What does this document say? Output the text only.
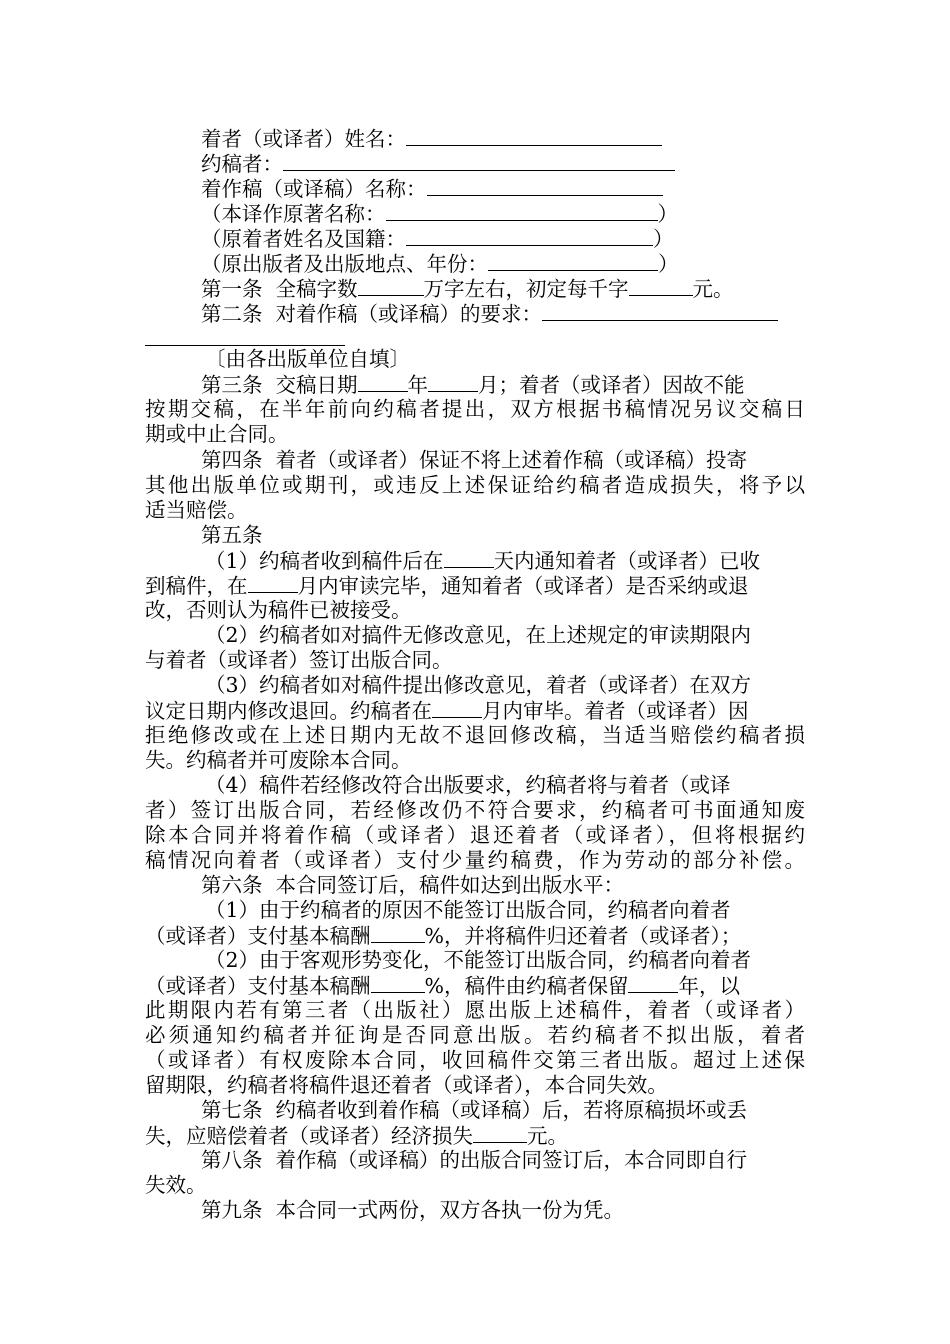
着者（或译者）姓名：
约稿者：
着作稿（或译稿）名称：
（本译作原著名称：	）
（原着者姓名及国籍：	）
（原出版者及出版地点、年份：	）
第一条  全稿字数	万字左右，初定每千字	元。
第二条  对着作稿（或译稿）的要求：
〔由各出版单位自填〕
第三条  交稿日期 年 月；着者（或译者）因故不能
按期交稿，在半年前向约稿者提出，双方根据书稿情况另议交稿日
期或中止合同。
第四条  着者（或译者）保证不将上述着作稿（或译稿）投寄
其他出版单位或期刊，或违反上述保证给约稿者造成损失，将予以
适当赔偿。
第五条
（1）约稿者收到稿件后在 天内通知着者（或译者）已收
到稿件，在 月内审读完毕，通知着者（或译者）是否采纳或退
改，否则认为稿件已被接受。
（2）约稿者如对搞件无修改意见，在上述规定的审读期限内
与着者（或译者）签订出版合同。
（3）约稿者如对稿件提出修改意见，着者（或译者）在双方
议定日期内修改退回。约稿者在 月内审毕。着者（或译者）因
拒绝修改或在上述日期内无故不退回修改稿，当适当赔偿约稿者损
失。约稿者并可废除本合同。
（4）稿件若经修改符合出版要求，约稿者将与着者（或译
者）签订出版合同，若经修改仍不符合要求，约稿者可书面通知废
除本合同并将着作稿（或译者）退还着者（或译者），但将根据约
稿情况向着者（或译者）支付少量约稿费，作为劳动的部分补偿。
第六条  本合同签订后，稿件如达到出版水平：
（1）由于约稿者的原因不能签订出版合同，约稿者向着者
（或译者）支付基本稿酬	%，并将稿件归还着者（或译者）；
（2）由于客观形势变化，不能签订出版合同，约稿者向着者
（或译者）支付基本稿酬	%，稿件由约稿者保留 年，以
此期限内若有第三者（出版社）愿出版上述稿件，着者（或译者）
必须通知约稿者并征询是否同意出版。若约稿者不拟出版，着者
（或译者）有权废除本合同，收回稿件交第三者出版。超过上述保
留期限，约稿者将稿件退还着者（或译者），本合同失效。
第七条  约稿者收到着作稿（或译稿）后，若将原稿损坏或丢
失，应赔偿着者（或译者）经济损失	元。
第八条  着作稿（或译稿）的出版合同签订后，本合同即自行
失效。
第九条  本合同一式两份，双方各执一份为凭。
